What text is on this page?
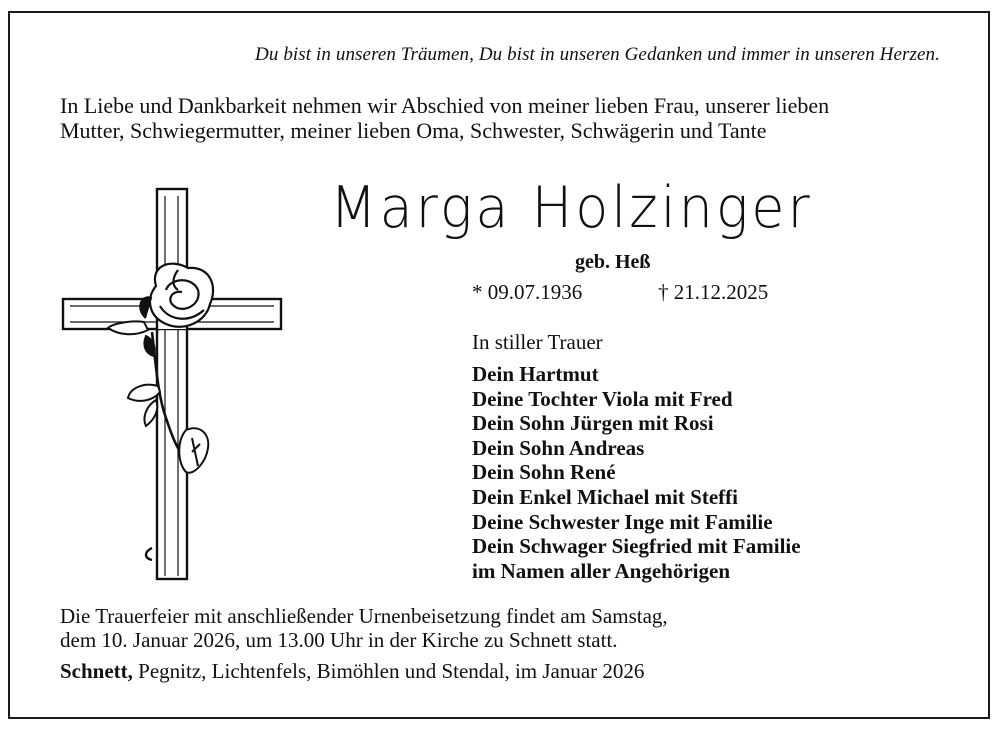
Du bist in unseren Träumen, Du bist in unseren Gedanken und immer in unseren Herzen.
In Liebe und Dankbarkeit nehmen wir Abschied von meiner lieben Frau, unserer lieben
Mutter, Schwiegermutter, meiner lieben Oma, Schwester, Schwägerin und Tante
Marga Holzinger
geb. Heß
* 09.07.1936	† 21.12.2025
In stiller Trauer
Dein Hartmut
Deine Tochter Viola mit Fred
Dein Sohn Jürgen mit Rosi
Dein Sohn Andreas
Dein Sohn René
Dein Enkel Michael mit Steffi
Deine Schwester Inge mit Familie
Dein Schwager Siegfried mit Familie
im Namen aller Angehörigen
Die Trauerfeier mit anschließender Urnenbeisetzung findet am Samstag,
dem 10. Januar 2026, um 13.00 Uhr in der Kirche zu Schnett statt.
Schnett, Pegnitz, Lichtenfels, Bimöhlen und Stendal, im Januar 2026
